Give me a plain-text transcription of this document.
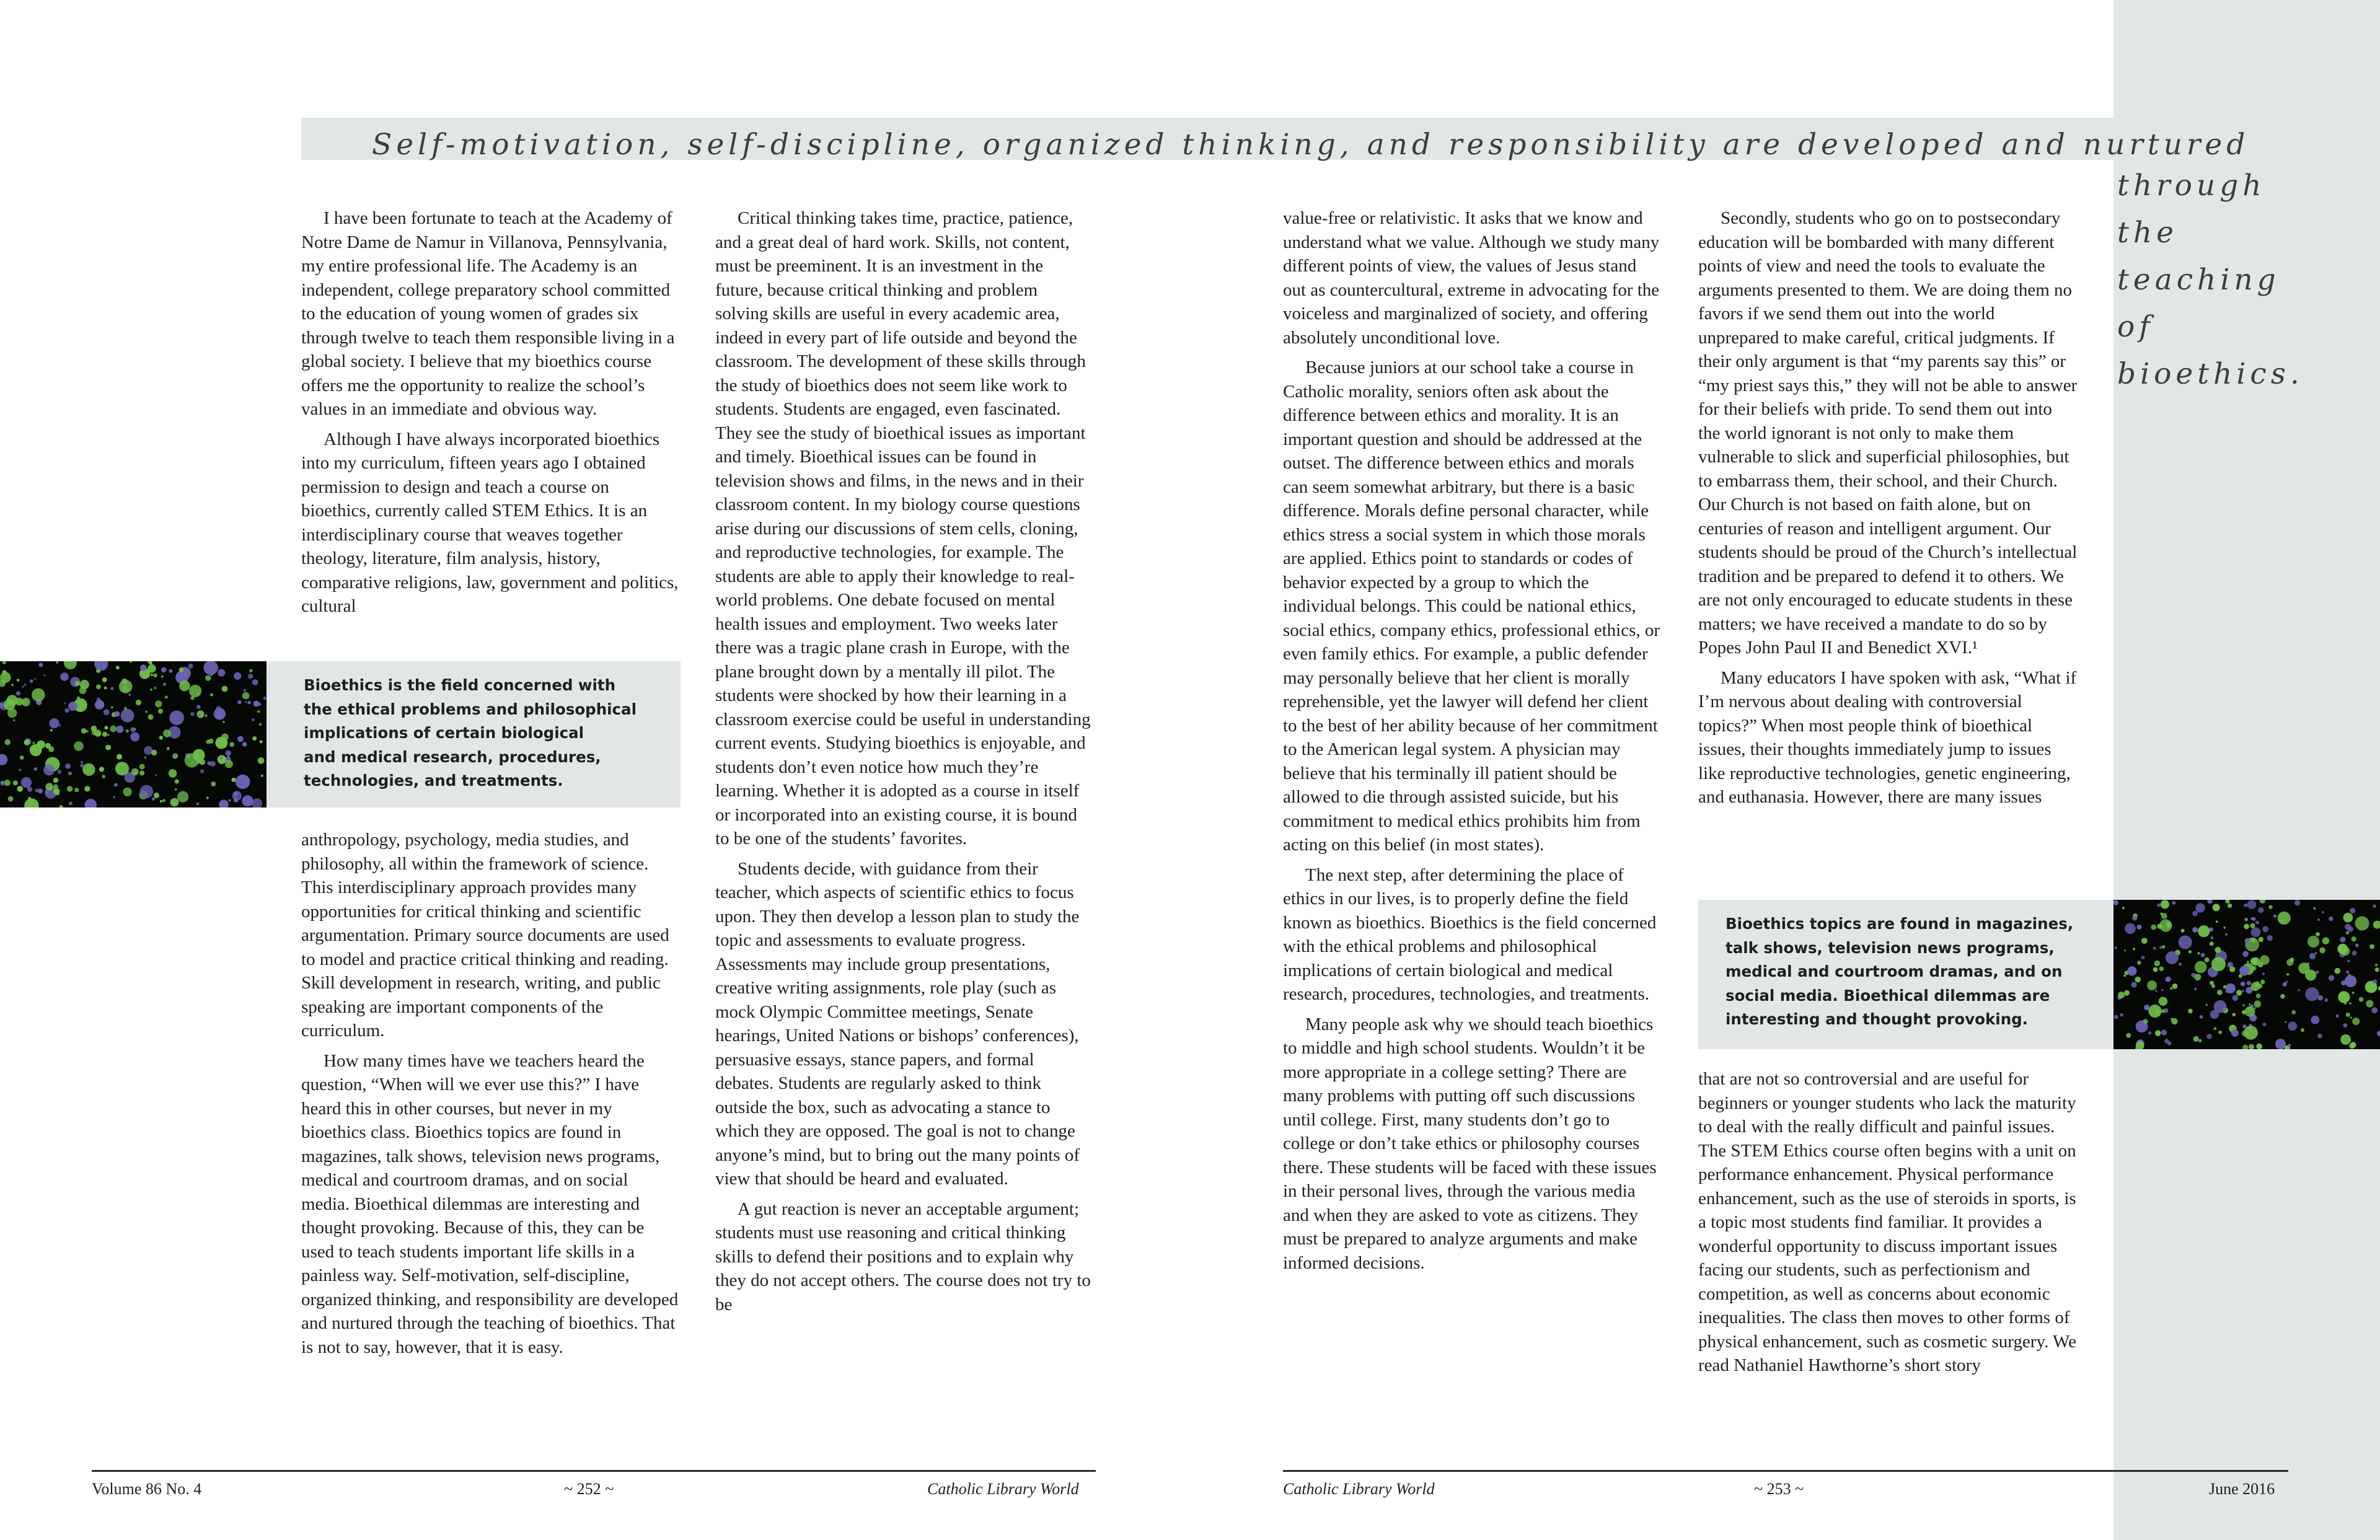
Self-motivation, self-discipline, organized thinking, and responsibility are developed and nurtured

through
the
teaching
of
bioethics.

I have been fortunate to teach at the Academy of Notre Dame de Namur in Villanova, Pennsylvania, my entire professional life. The Academy is an independent, college preparatory school committed to the education of young women of grades six through twelve to teach them responsible living in a global society. I believe that my bioethics course offers me the opportunity to realize the school’s values in an immediate and obvious way.

Although I have always incorporated bioethics into my curriculum, fifteen years ago I obtained permission to design and teach a course on bioethics, currently called STEM Ethics. It is an interdisciplinary course that weaves together theology, literature, film analysis, history, comparative religions, law, government and politics, cultural

Bioethics is the field concerned with
the ethical problems and philosophical
implications of certain biological
and medical research, procedures,
technologies, and treatments.

anthropology, psychology, media studies, and philosophy, all within the framework of science. This interdisciplinary approach provides many opportunities for critical thinking and scientific argumentation. Primary source documents are used to model and practice critical thinking and reading. Skill development in research, writing, and public speaking are important components of the curriculum.

How many times have we teachers heard the question, “When will we ever use this?” I have heard this in other courses, but never in my bioethics class. Bioethics topics are found in magazines, talk shows, television news programs, medical and courtroom dramas, and on social media. Bioethical dilemmas are interesting and thought provoking. Because of this, they can be used to teach students important life skills in a painless way. Self-motivation, self-discipline, organized thinking, and responsibility are developed and nurtured through the teaching of bioethics. That is not to say, however, that it is easy.

Critical thinking takes time, practice, patience, and a great deal of hard work. Skills, not content, must be preeminent. It is an investment in the future, because critical thinking and problem solving skills are useful in every academic area, indeed in every part of life outside and beyond the classroom. The development of these skills through the study of bioethics does not seem like work to students. Students are engaged, even fascinated. They see the study of bioethical issues as important and timely. Bioethical issues can be found in television shows and films, in the news and in their classroom content. In my biology course questions arise during our discussions of stem cells, cloning, and reproductive technologies, for example. The students are able to apply their knowledge to real-world problems. One debate focused on mental health issues and employment. Two weeks later there was a tragic plane crash in Europe, with the plane brought down by a mentally ill pilot. The students were shocked by how their learning in a classroom exercise could be useful in understanding current events. Studying bioethics is enjoyable, and students don’t even notice how much they’re learning. Whether it is adopted as a course in itself or incorporated into an existing course, it is bound to be one of the students’ favorites.

Students decide, with guidance from their teacher, which aspects of scientific ethics to focus upon. They then develop a lesson plan to study the topic and assessments to evaluate progress. Assessments may include group presentations, creative writing assignments, role play (such as mock Olympic Committee meetings, Senate hearings, United Nations or bishops’ conferences), persuasive essays, stance papers, and formal debates. Students are regularly asked to think outside the box, such as advocating a stance to which they are opposed. The goal is not to change anyone’s mind, but to bring out the many points of view that should be heard and evaluated.

A gut reaction is never an acceptable argument; students must use reasoning and critical thinking skills to defend their positions and to explain why they do not accept others. The course does not try to be

value-free or relativistic. It asks that we know and understand what we value. Although we study many different points of view, the values of Jesus stand out as countercultural, extreme in advocating for the voiceless and marginalized of society, and offering absolutely unconditional love.

Because juniors at our school take a course in Catholic morality, seniors often ask about the difference between ethics and morality. It is an important question and should be addressed at the outset. The difference between ethics and morals can seem somewhat arbitrary, but there is a basic difference. Morals define personal character, while ethics stress a social system in which those morals are applied. Ethics point to standards or codes of behavior expected by a group to which the individual belongs. This could be national ethics, social ethics, company ethics, professional ethics, or even family ethics. For example, a public defender may personally believe that her client is morally reprehensible, yet the lawyer will defend her client to the best of her ability because of her commitment to the American legal system. A physician may believe that his terminally ill patient should be allowed to die through assisted suicide, but his commitment to medical ethics prohibits him from acting on this belief (in most states).

The next step, after determining the place of ethics in our lives, is to properly define the field known as bioethics. Bioethics is the field concerned with the ethical problems and philosophical implications of certain biological and medical research, procedures, technologies, and treatments.

Many people ask why we should teach bioethics to middle and high school students. Wouldn’t it be more appropriate in a college setting? There are many problems with putting off such discussions until college. First, many students don’t go to college or don’t take ethics or philosophy courses there. These students will be faced with these issues in their personal lives, through the various media and when they are asked to vote as citizens. They must be prepared to analyze arguments and make informed decisions.

Secondly, students who go on to postsecondary education will be bombarded with many different points of view and need the tools to evaluate the arguments presented to them. We are doing them no favors if we send them out into the world unprepared to make careful, critical judgments. If their only argument is that “my parents say this” or “my priest says this,” they will not be able to answer for their beliefs with pride. To send them out into the world ignorant is not only to make them vulnerable to slick and superficial philosophies, but to embarrass them, their school, and their Church. Our Church is not based on faith alone, but on centuries of reason and intelligent argument. Our students should be proud of the Church’s intellectual tradition and be prepared to defend it to others. We are not only encouraged to educate students in these matters; we have received a mandate to do so by Popes John Paul II and Benedict XVI.¹

Many educators I have spoken with ask, “What if I’m nervous about dealing with controversial topics?” When most people think of bioethical issues, their thoughts immediately jump to issues like reproductive technologies, genetic engineering, and euthanasia. However, there are many issues

Bioethics topics are found in magazines,
talk shows, television news programs,
medical and courtroom dramas, and on
social media. Bioethical dilemmas are
interesting and thought provoking.

that are not so controversial and are useful for beginners or younger students who lack the maturity to deal with the really difficult and painful issues. The STEM Ethics course often begins with a unit on performance enhancement. Physical performance enhancement, such as the use of steroids in sports, is a topic most students find familiar. It provides a wonderful opportunity to discuss important issues facing our students, such as perfectionism and competition, as well as concerns about economic inequalities. The class then moves to other forms of physical enhancement, such as cosmetic surgery. We read Nathaniel Hawthorne’s short story

Volume 86 No. 4	~ 252 ~	Catholic Library World	Catholic Library World	~ 253 ~	June 2016
